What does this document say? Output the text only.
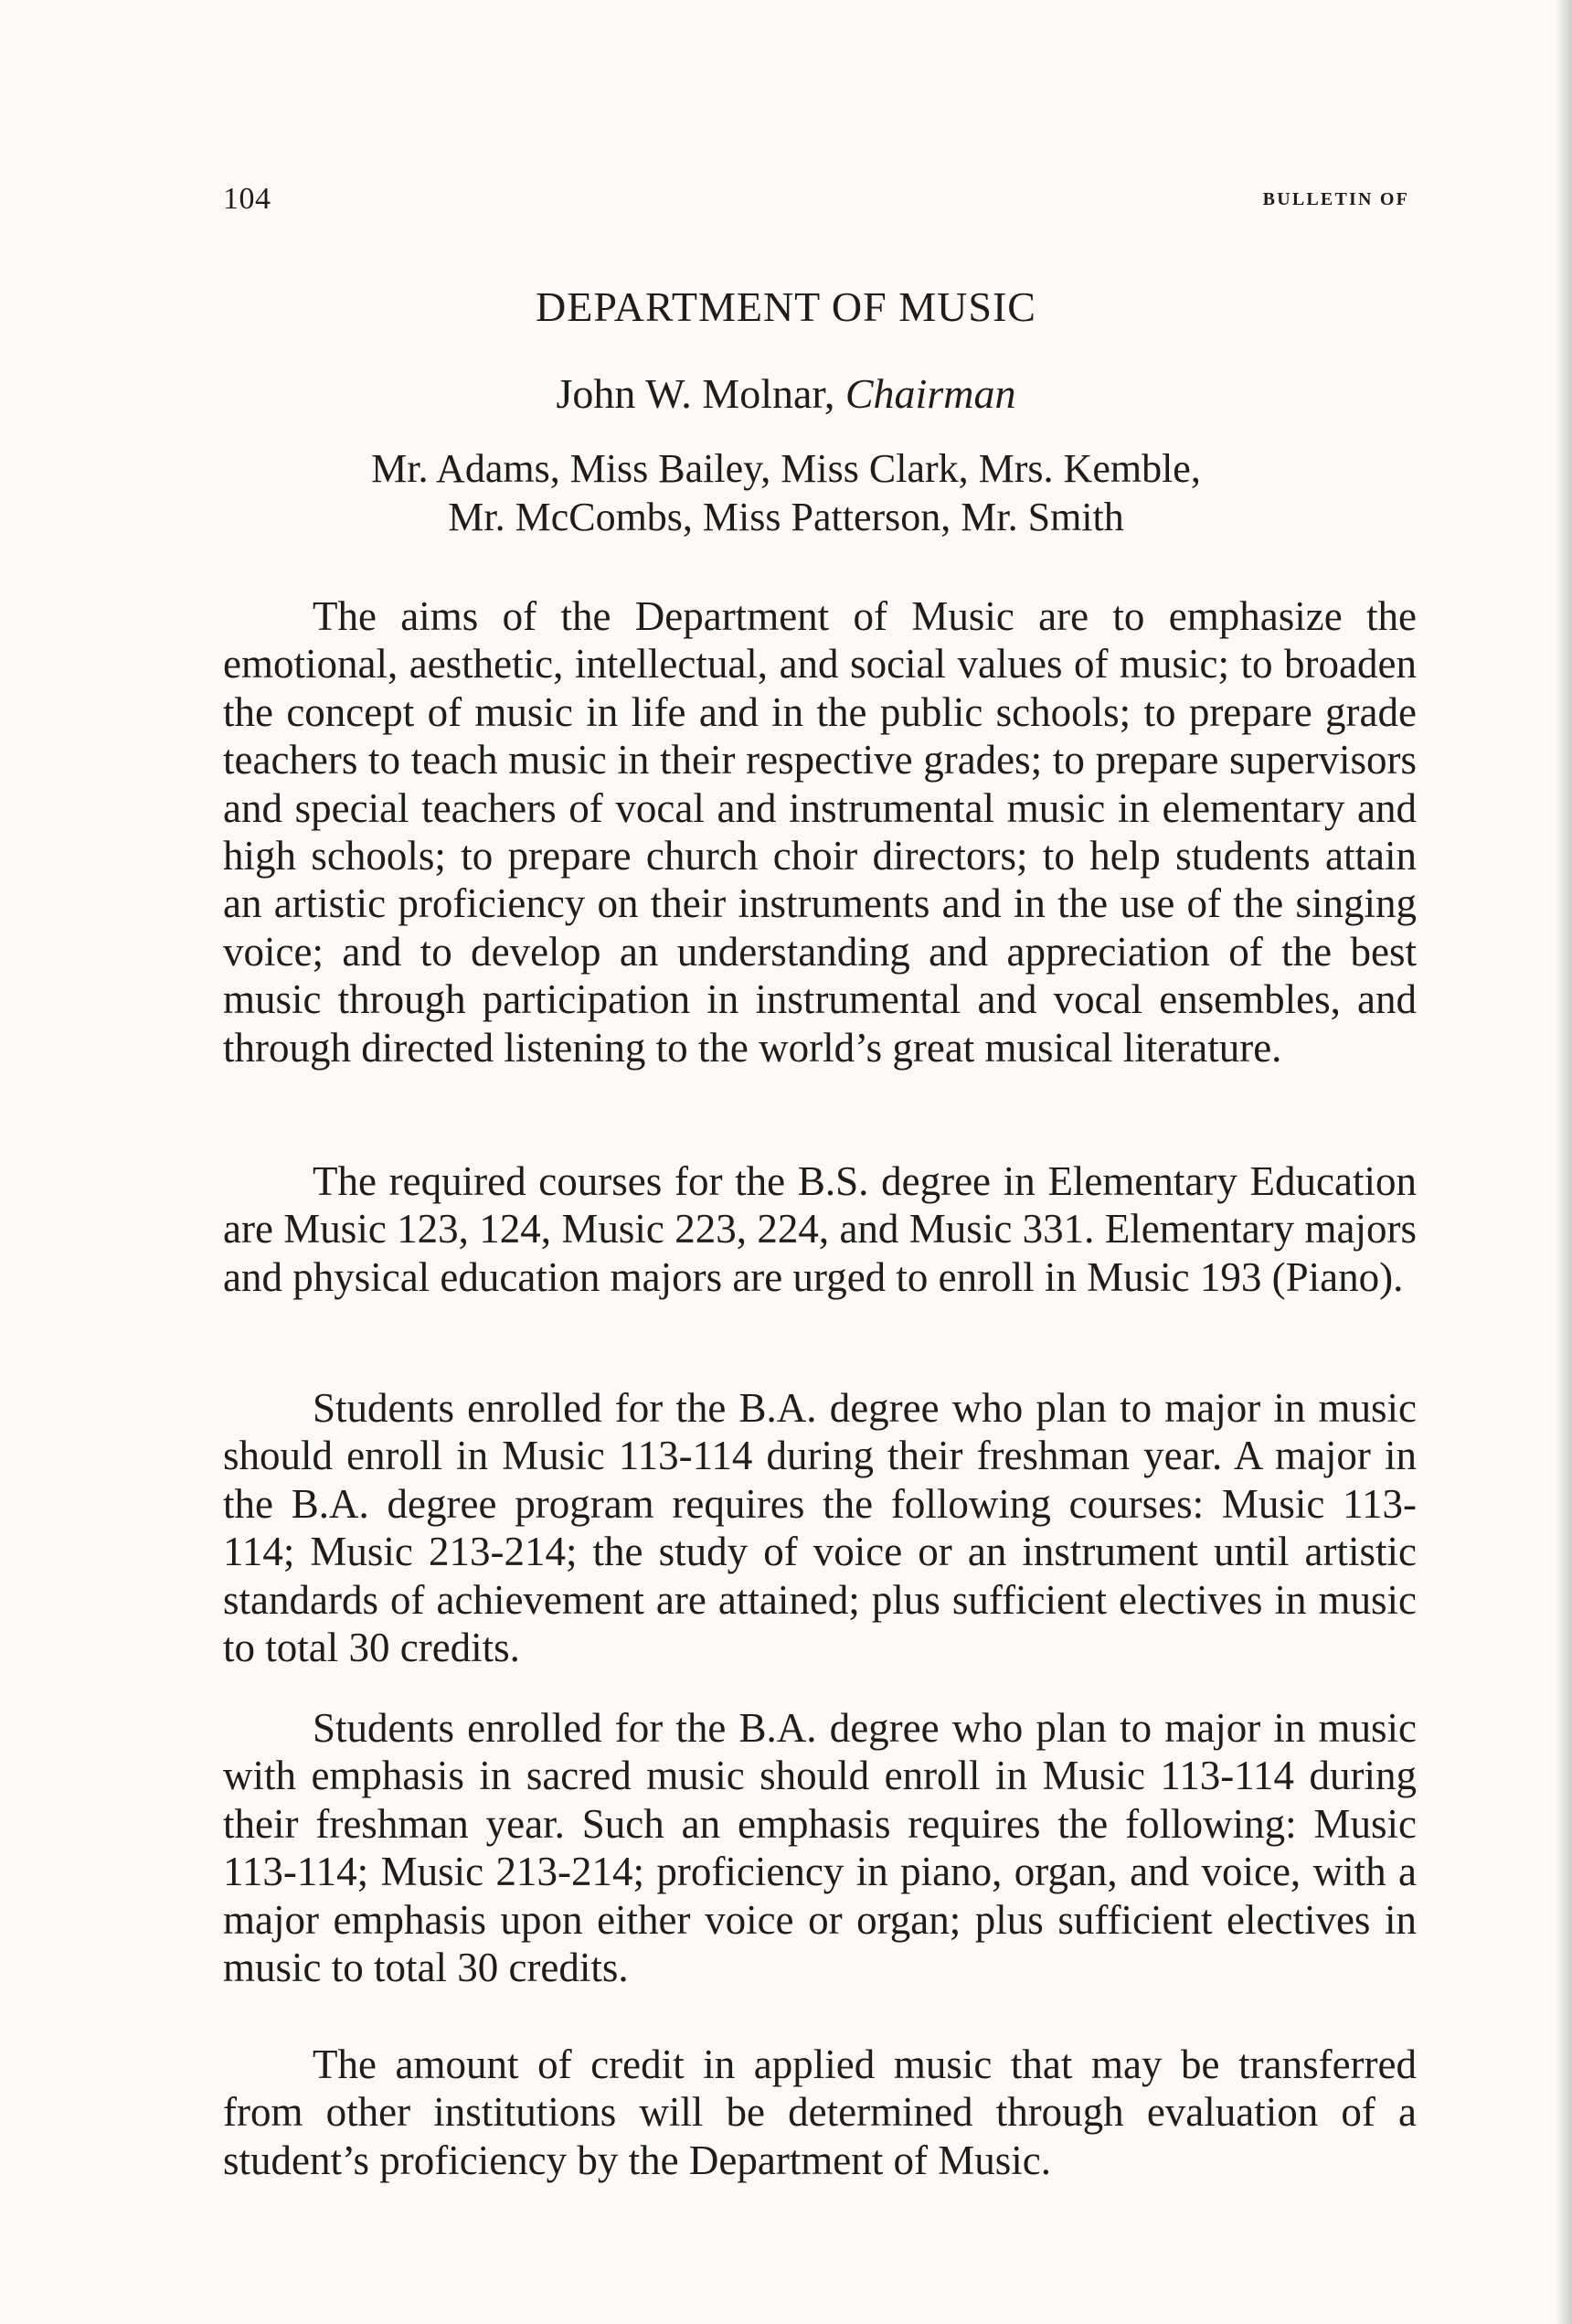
104	BULLETIN OF
DEPARTMENT OF MUSIC
John W. Molnar, Chairman
Mr. Adams, Miss Bailey, Miss Clark, Mrs. Kemble,
Mr. McCombs, Miss Patterson, Mr. Smith
The aims of the Department of Music are to emphasize the emotional, aesthetic, intellectual, and social values of music; to broaden the concept of music in life and in the public schools; to prepare grade teachers to teach music in their respective grades; to prepare supervisors and special teachers of vocal and instrumental music in elementary and high schools; to prepare church choir directors; to help students attain an artistic proficiency on their instruments and in the use of the singing voice; and to develop an understanding and appreciation of the best music through participation in instrumental and vocal ensembles, and through directed listening to the world’s great musical literature.
The required courses for the B.S. degree in Elementary Education are Music 123, 124, Music 223, 224, and Music 331. Elementary majors and physical education majors are urged to enroll in Music 193 (Piano).
Students enrolled for the B.A. degree who plan to major in music should enroll in Music 113-114 during their freshman year. A major in the B.A. degree program requires the following courses: Music 113-114; Music 213-214; the study of voice or an instrument until artistic standards of achievement are attained; plus sufficient electives in music to total 30 credits.
Students enrolled for the B.A. degree who plan to major in music with emphasis in sacred music should enroll in Music 113-114 during their freshman year. Such an emphasis requires the following: Music 113-114; Music 213-214; proficiency in piano, organ, and voice, with a major emphasis upon either voice or organ; plus sufficient electives in music to total 30 credits.
The amount of credit in applied music that may be transferred from other institutions will be determined through evaluation of a student’s proficiency by the Department of Music.
